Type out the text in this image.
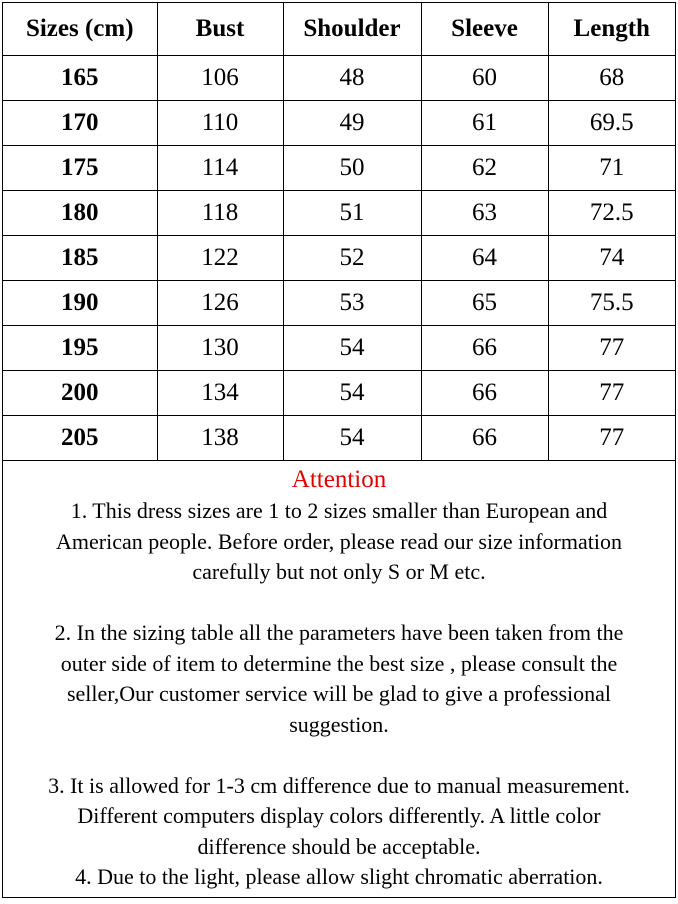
Sizes (cm)	Bust	Shoulder	Sleeve	Length
165	106	48	60	68
170	110	49	61	69.5
175	114	50	62	71
180	118	51	63	72.5
185	122	52	64	74
190	126	53	65	75.5
195	130	54	66	77
200	134	54	66	77
205	138	54	66	77
Attention
1. This dress sizes are 1 to 2 sizes smaller than European and
American people. Before order, please read our size information
carefully but not only S or M etc.
2. In the sizing table all the parameters have been taken from the
outer side of item to determine the best size , please consult the
seller,Our customer service will be glad to give a professional
suggestion.
3. It is allowed for 1-3 cm difference due to manual measurement.
Different computers display colors differently. A little color
difference should be acceptable.
4. Due to the light, please allow slight chromatic aberration.
